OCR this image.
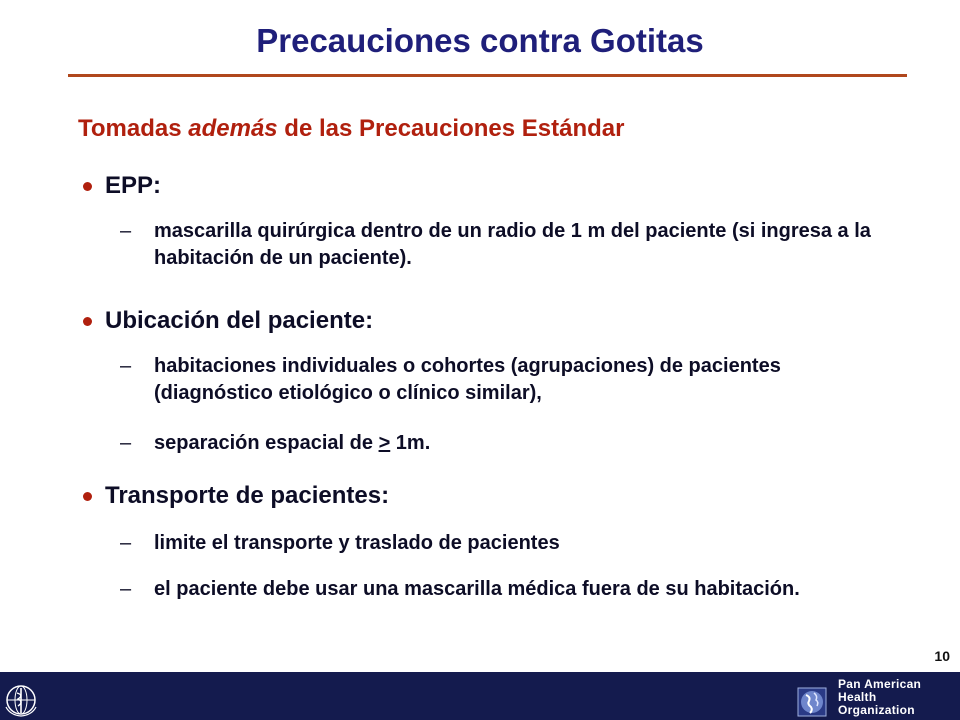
Precauciones contra Gotitas
Tomadas además de las Precauciones Estándar
EPP:
– mascarilla quirúrgica dentro de un radio de 1 m del paciente (si ingresa a la habitación de un paciente).
Ubicación del paciente:
– habitaciones individuales o cohortes (agrupaciones) de pacientes (diagnóstico etiológico o clínico similar),
– separación espacial de > 1m.
Transporte de pacientes:
– limite el transporte y traslado de pacientes
– el paciente debe usar una mascarilla médica fuera de su habitación.
10
Pan American
Health
Organization
